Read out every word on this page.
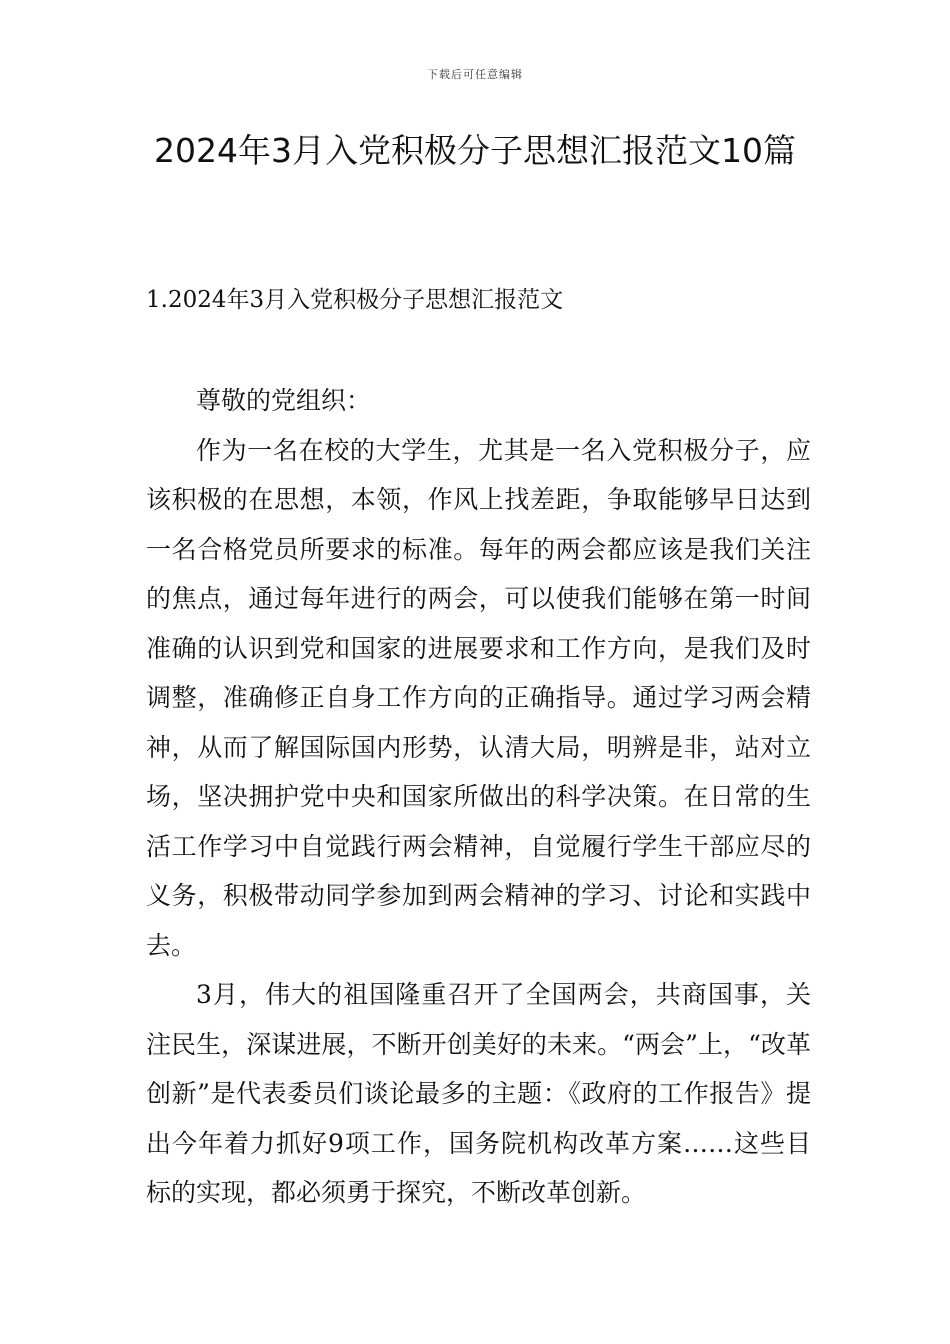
下载后可任意编辑
2024年3月入党积极分子思想汇报范文10篇
1.2024年3月入党积极分子思想汇报范文

尊敬的党组织：

作为一名在校的大学生，尤其是一名入党积极分子，应该积极的在思想，本领，作风上找差距，争取能够早日达到一名合格党员所要求的标准。每年的两会都应该是我们关注的焦点，通过每年进行的两会，可以使我们能够在第一时间准确的认识到党和国家的进展要求和工作方向，是我们及时调整，准确修正自身工作方向的正确指导。通过学习两会精神，从而了解国际国内形势，认清大局，明辨是非，站对立场，坚决拥护党中央和国家所做出的科学决策。在日常的生活工作学习中自觉践行两会精神，自觉履行学生干部应尽的义务，积极带动同学参加到两会精神的学习、讨论和实践中去。

3月，伟大的祖国隆重召开了全国两会，共商国事，关注民生，深谋进展，不断开创美好的未来。“两会”上，“改革创新”是代表委员们谈论最多的主题：《政府的工作报告》提出今年着力抓好9项工作，国务院机构改革方案……这些目标的实现，都必须勇于探究，不断改革创新。
